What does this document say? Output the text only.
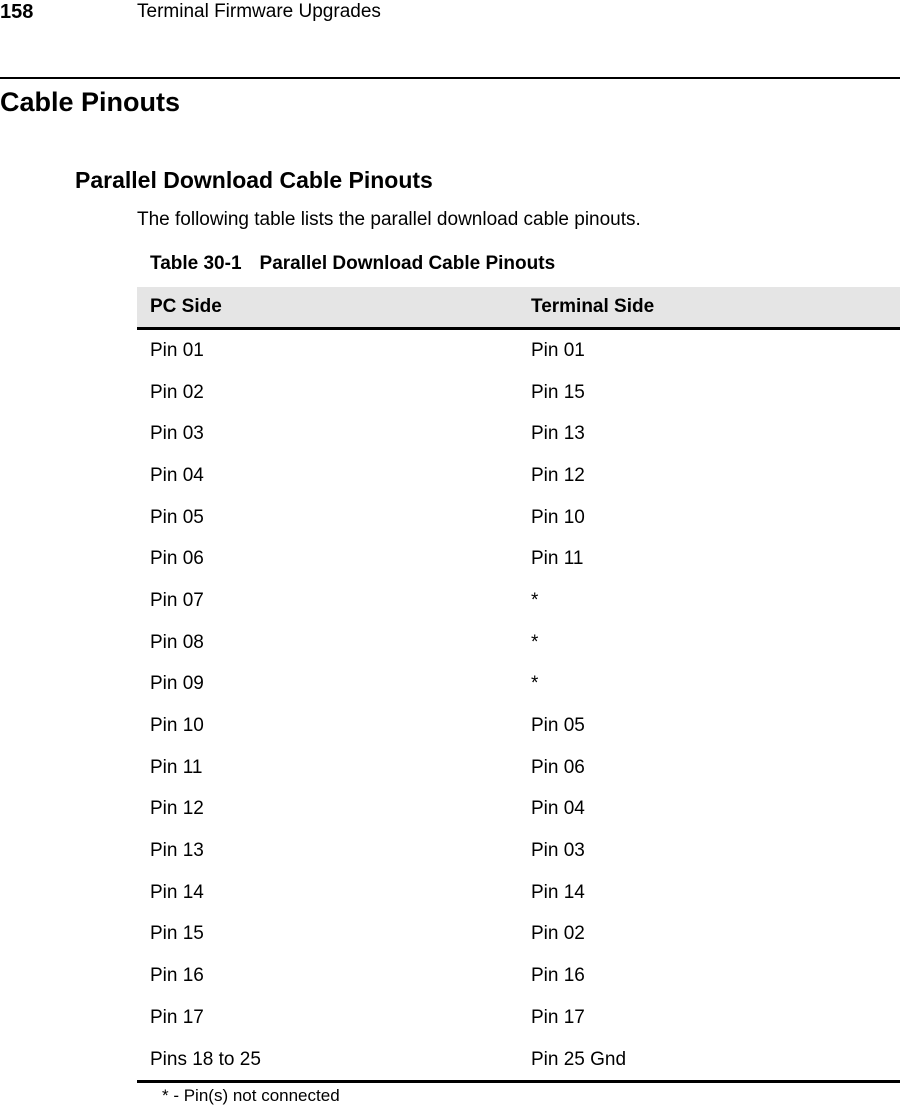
158	Terminal Firmware Upgrades
Cable Pinouts
Parallel Download Cable Pinouts

The following table lists the parallel download cable pinouts.

Table 30-1 Parallel Download Cable Pinouts
PC Side	Terminal Side
Pin 01	Pin 01
Pin 02	Pin 15
Pin 03	Pin 13
Pin 04	Pin 12
Pin 05	Pin 10
Pin 06	Pin 11
Pin 07	*
Pin 08	*
Pin 09	*
Pin 10	Pin 05
Pin 11	Pin 06
Pin 12	Pin 04
Pin 13	Pin 03
Pin 14	Pin 14
Pin 15	Pin 02
Pin 16	Pin 16
Pin 17	Pin 17
Pins 18 to 25	Pin 25 Gnd
* - Pin(s) not connected
